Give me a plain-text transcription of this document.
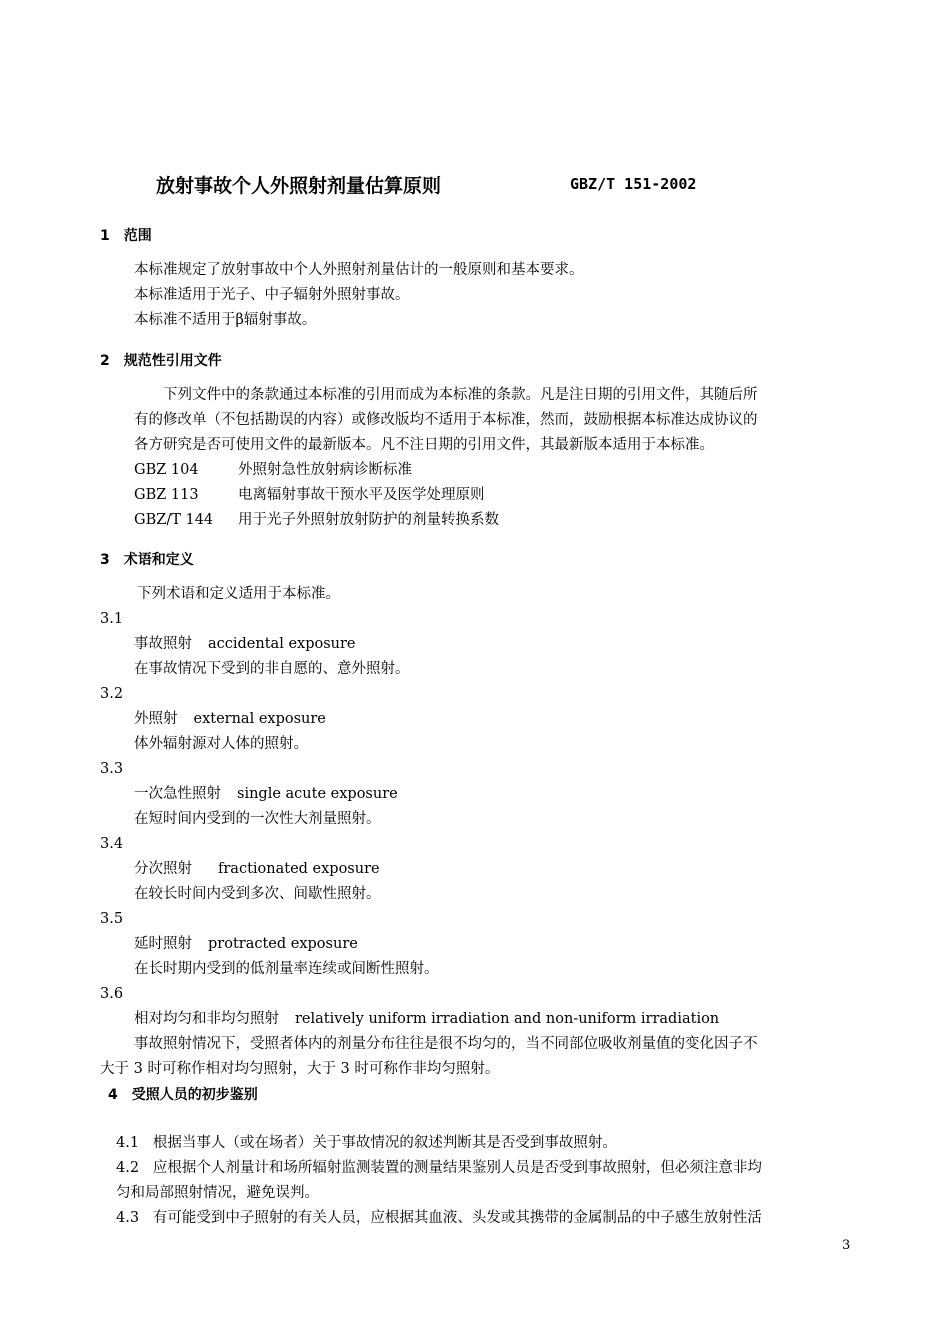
放射事故个人外照射剂量估算原则	GBZ/T 151-2002
1　范围
本标准规定了放射事故中个人外照射剂量估计的一般原则和基本要求。
本标准适用于光子、中子辐射外照射事故。
本标准不适用于β辐射事故。
2　规范性引用文件
下列文件中的条款通过本标准的引用而成为本标准的条款。凡是注日期的引用文件，其随后所
有的修改单（不包括勘误的内容）或修改版均不适用于本标准，然而，鼓励根据本标准达成协议的
各方研究是否可使用文件的最新版本。凡不注日期的引用文件，其最新版本适用于本标准。
GBZ 104	外照射急性放射病诊断标准
GBZ 113	电离辐射事故干预水平及医学处理原则
GBZ/T 144 用于光子外照射放射防护的剂量转换系数
3　术语和定义
下列术语和定义适用于本标准。
3.1
事故照射 accidental exposure
在事故情况下受到的非自愿的、意外照射。
3.2
外照射 external exposure
体外辐射源对人体的照射。
3.3
一次急性照射 single acute exposure
在短时间内受到的一次性大剂量照射。
3.4
分次照射 fractionated exposure
在较长时间内受到多次、间歇性照射。
3.5
延时照射 protracted exposure
在长时期内受到的低剂量率连续或间断性照射。
3.6
相对均匀和非均匀照射 relatively uniform irradiation and non-uniform irradiation
事故照射情况下，受照者体内的剂量分布往往是很不均匀的，当不同部位吸收剂量值的变化因子不
大于 3 时可称作相对均匀照射，大于 3 时可称作非均匀照射。
4　受照人员的初步鉴别
4.1 根据当事人（或在场者）关于事故情况的叙述判断其是否受到事故照射。
4.2 应根据个人剂量计和场所辐射监测装置的测量结果鉴别人员是否受到事故照射，但必须注意非均
匀和局部照射情况，避免误判。
4.3 有可能受到中子照射的有关人员，应根据其血液、头发或其携带的金属制品的中子感生放射性活
3
